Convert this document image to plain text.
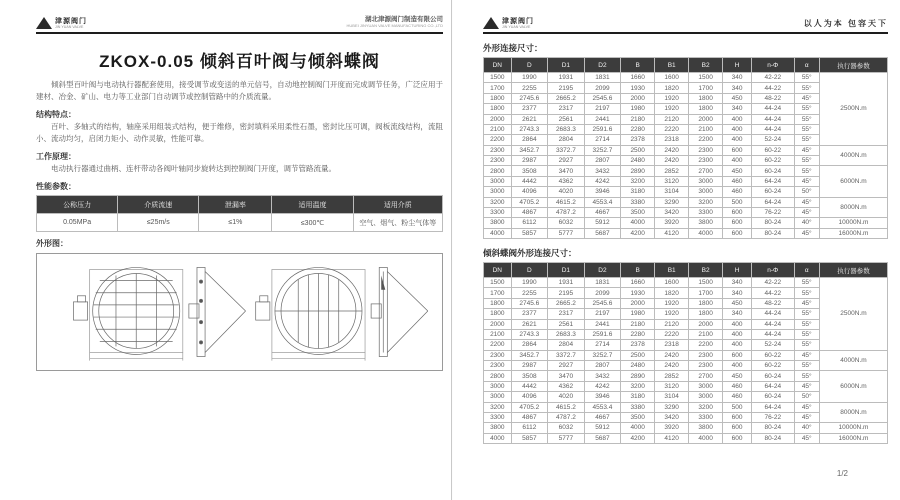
津源阀门
JIN YUAN VALVE
湖北津源阀门制造有限公司
HUBEI JINYUAN VALVE MANUFACTURING CO.,LTD
ZKOX-0.05 倾斜百叶阀与倾斜蝶阀
倾斜型百叶阀与电动执行器配套使用，接受调节或变送的单元信号，自动地控制阀门开度而完成调节任务，广泛应用于建材、冶金、矿山、电力等工业部门自动调节或控制管路中的介质流量。
结构特点：
百叶、多轴式的结构，轴座采用组装式结构，便于维修，密封填料采用柔性石墨，密封比压可调，阀板流线结构，流阻小、流动均匀，启闭力矩小、动作灵敏，性能可靠。
工作原理：
电动执行器通过曲柄、连杆带动各阀叶轴同步旋转达到控制阀门开度，调节管路流量。
性能参数：
公称压力	介质流速	泄漏率	适用温度	适用介质
0.05MPa	≤25m/s	≤1%	≤300℃	空气、烟气、粉尘气体等
外形图：
津源阀门
JIN YUAN VALVE	以人为本 包容天下
外形连接尺寸：
DN	D	D1	D2	B	B1	B2	H	n-Φ	α	执行器参数
1500	1990	1931	1831	1660	1600	1500	340	42-22	55°	2500N.m
1700	2255	2195	2099	1930	1820	1700	340	44-22	55°	
1800	2745.6	2665.2	2545.6	2000	1920	1800	450	48-22	45°	
1800	2377	2317	2197	1980	1920	1800	340	44-24	55°	
2000	2621	2561	2441	2180	2120	2000	400	44-24	55°	
2100	2743.3	2683.3	2591.6	2280	2220	2100	400	44-24	55°	
2200	2864	2804	2714	2378	2318	2200	400	52-24	55°	
2300	3452.7	3372.7	3252.7	2500	2420	2300	600	60-22	45°	4000N.m
2300	2987	2927	2807	2480	2420	2300	400	60-22	55°	
2800	3508	3470	3432	2890	2852	2700	450	60-24	55°	6000N.m
3000	4442	4362	4242	3200	3120	3000	460	64-24	45°	
3000	4096	4020	3946	3180	3104	3000	460	60-24	50°	
3200	4705.2	4615.2	4553.4	3380	3290	3200	500	64-24	45°	8000N.m
3300	4867	4787.2	4667	3500	3420	3300	600	76-22	45°	
3800	6112	6032	5912	4000	3920	3800	600	80-24	40°	10000N.m
4000	5857	5777	5687	4200	4120	4000	600	80-24	45°	16000N.m
倾斜蝶阀外形连接尺寸：
DN	D	D1	D2	B	B1	B2	H	n-Φ	α	执行器参数
1500	1990	1931	1831	1660	1600	1500	340	42-22	55°	2500N.m
1700	2255	2195	2099	1930	1820	1700	340	44-22	55°	
1800	2745.6	2665.2	2545.6	2000	1920	1800	450	48-22	45°	
1800	2377	2317	2197	1980	1920	1800	340	44-24	55°	
2000	2621	2561	2441	2180	2120	2000	400	44-24	55°	
2100	2743.3	2683.3	2591.6	2280	2220	2100	400	44-24	55°	
2200	2864	2804	2714	2378	2318	2200	400	52-24	55°	
2300	3452.7	3372.7	3252.7	2500	2420	2300	600	60-22	45°	4000N.m
2300	2987	2927	2807	2480	2420	2300	400	60-22	55°	
2800	3508	3470	3432	2890	2852	2700	450	60-24	55°	6000N.m
3000	4442	4362	4242	3200	3120	3000	460	64-24	45°	
3000	4096	4020	3946	3180	3104	3000	460	60-24	50°	
3200	4705.2	4615.2	4553.4	3380	3290	3200	500	64-24	45°	8000N.m
3300	4867	4787.2	4667	3500	3420	3300	600	76-22	45°	
3800	6112	6032	5912	4000	3920	3800	600	80-24	40°	10000N.m
4000	5857	5777	5687	4200	4120	4000	600	80-24	45°	16000N.m
1/2
